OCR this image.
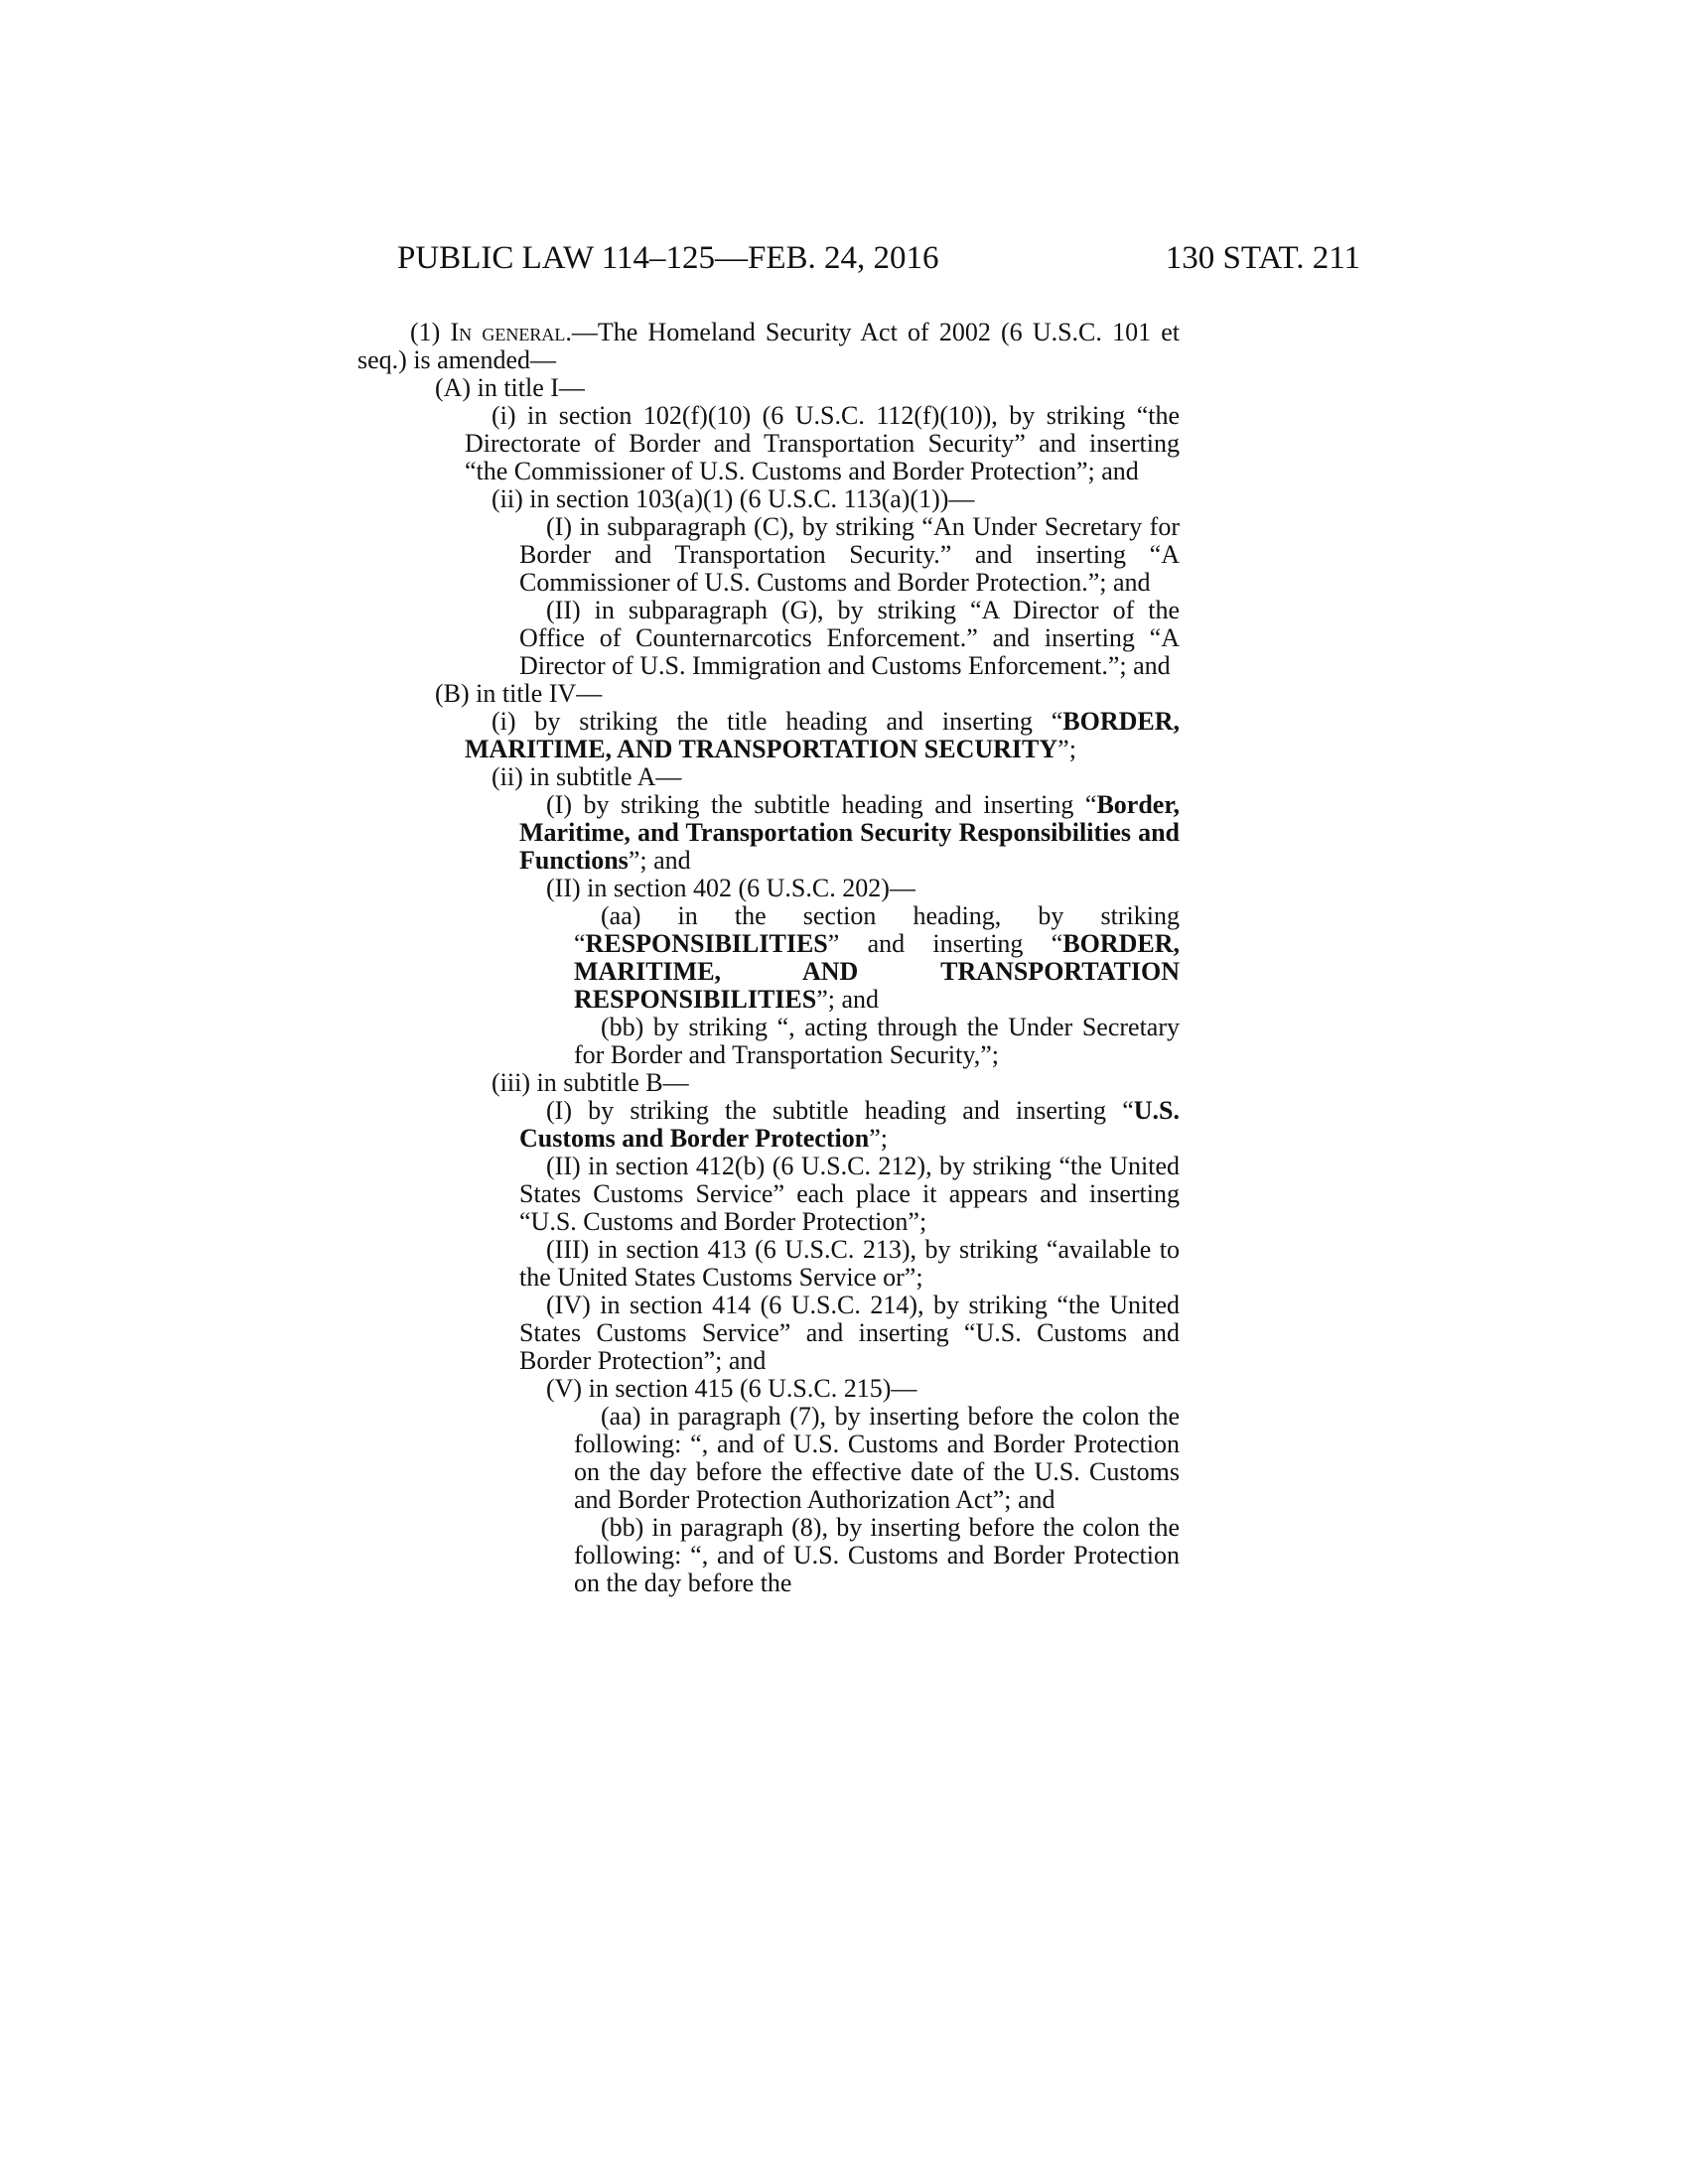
PUBLIC LAW 114–125—FEB. 24, 2016	130 STAT. 211

(1) In general.—The Homeland Security Act of 2002 (6 U.S.C. 101 et seq.) is amended—

(A) in title I—

(i) in section 102(f)(10) (6 U.S.C. 112(f)(10)), by striking “the Directorate of Border and Transportation Security” and inserting “the Commissioner of U.S. Customs and Border Protection”; and

(ii) in section 103(a)(1) (6 U.S.C. 113(a)(1))—

(I) in subparagraph (C), by striking “An Under Secretary for Border and Transportation Security.” and inserting “A Commissioner of U.S. Customs and Border Protection.”; and

(II) in subparagraph (G), by striking “A Director of the Office of Counternarcotics Enforcement.” and inserting “A Director of U.S. Immigration and Customs Enforcement.”; and

(B) in title IV—

(i) by striking the title heading and inserting “BORDER, MARITIME, AND TRANSPORTATION SECURITY”;

(ii) in subtitle A—

(I) by striking the subtitle heading and inserting “Border, Maritime, and Transportation Security Responsibilities and Functions”; and

(II) in section 402 (6 U.S.C. 202)—

(aa) in the section heading, by striking “RESPONSIBILITIES” and inserting “BORDER, MARITIME, AND TRANSPORTATION RESPONSIBILITIES”; and

(bb) by striking “, acting through the Under Secretary for Border and Transportation Security,”;

(iii) in subtitle B—

(I) by striking the subtitle heading and inserting “U.S. Customs and Border Protection”;

(II) in section 412(b) (6 U.S.C. 212), by striking “the United States Customs Service” each place it appears and inserting “U.S. Customs and Border Protection”;

(III) in section 413 (6 U.S.C. 213), by striking “available to the United States Customs Service or”;

(IV) in section 414 (6 U.S.C. 214), by striking “the United States Customs Service” and inserting “U.S. Customs and Border Protection”; and

(V) in section 415 (6 U.S.C. 215)—

(aa) in paragraph (7), by inserting before the colon the following: “, and of U.S. Customs and Border Protection on the day before the effective date of the U.S. Customs and Border Protection Authorization Act”; and

(bb) in paragraph (8), by inserting before the colon the following: “, and of U.S. Customs and Border Protection on the day before the
